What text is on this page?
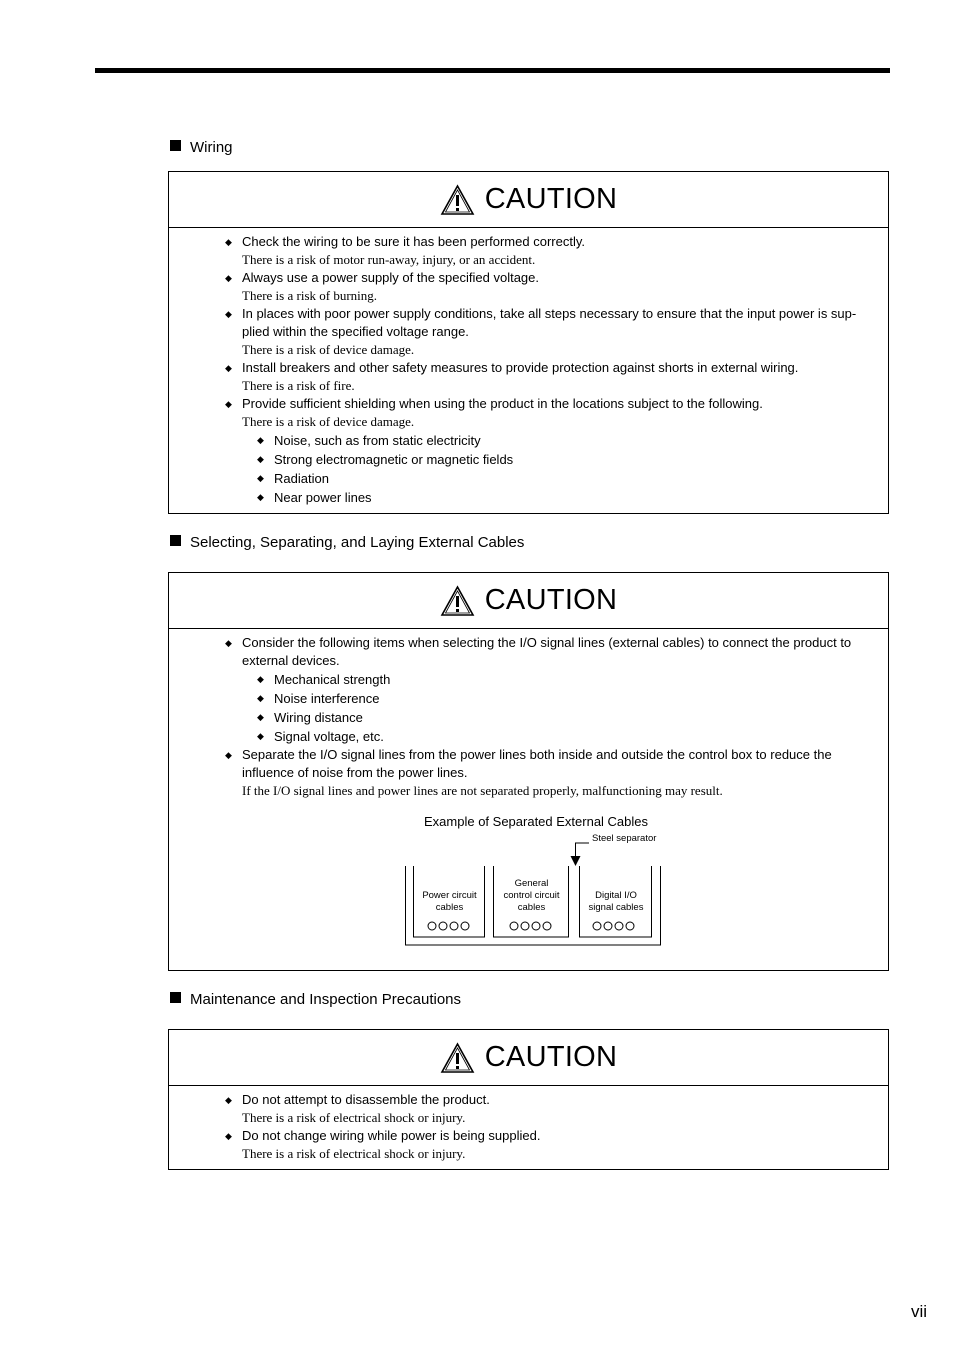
Wiring
CAUTION
◆ Check the wiring to be sure it has been performed correctly.
There is a risk of motor run-away, injury, or an accident.
◆ Always use a power supply of the specified voltage.
There is a risk of burning.
◆ In places with poor power supply conditions, take all steps necessary to ensure that the input power is sup-
plied within the specified voltage range.
There is a risk of device damage.
◆ Install breakers and other safety measures to provide protection against shorts in external wiring.
There is a risk of fire.
◆ Provide sufficient shielding when using the product in the locations subject to the following.
There is a risk of device damage.
◆ Noise, such as from static electricity
◆ Strong electromagnetic or magnetic fields
◆ Radiation
◆ Near power lines
Selecting, Separating, and Laying External Cables
CAUTION
◆ Consider the following items when selecting the I/O signal lines (external cables) to connect the product to
external devices.
◆ Mechanical strength
◆ Noise interference
◆ Wiring distance
◆ Signal voltage, etc.
◆ Separate the I/O signal lines from the power lines both inside and outside the control box to reduce the
influence of noise from the power lines.
If the I/O signal lines and power lines are not separated properly, malfunctioning may result.
Example of Separated External Cables
Steel separator
Power circuit
cables
General
control circuit
cables
Digital I/O
signal cables
Maintenance and Inspection Precautions
CAUTION
◆ Do not attempt to disassemble the product.
There is a risk of electrical shock or injury.
◆ Do not change wiring while power is being supplied.
There is a risk of electrical shock or injury.
vii
